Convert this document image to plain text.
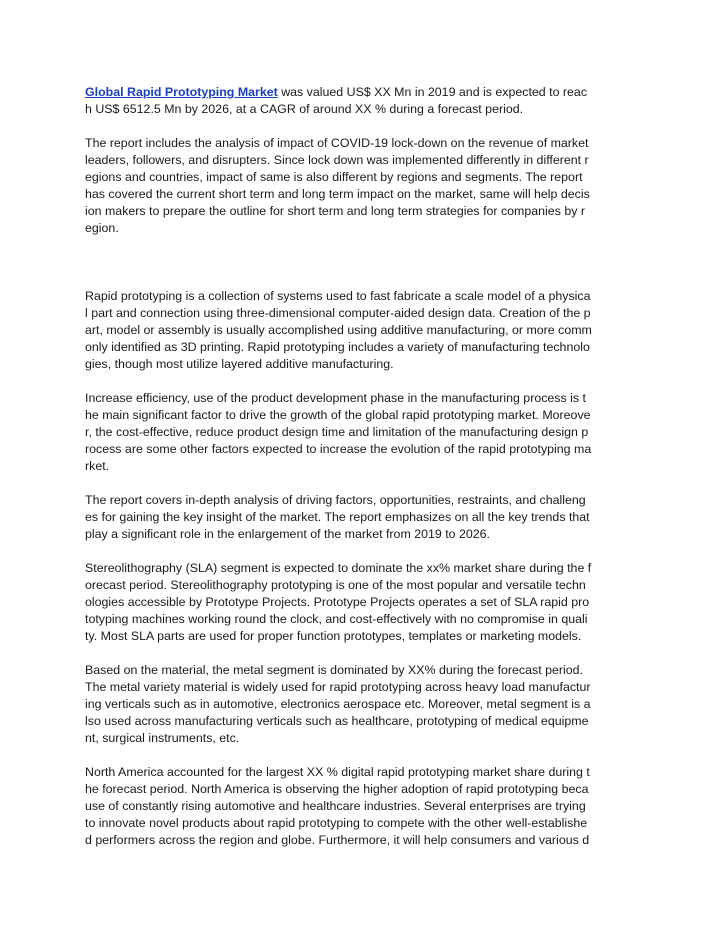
Global Rapid Prototyping Market was valued US$ XX Mn in 2019 and is expected to reac
h US$ 6512.5 Mn by 2026, at a CAGR of around XX % during a forecast period.

The report includes the analysis of impact of COVID-19 lock-down on the revenue of market
leaders, followers, and disrupters. Since lock down was implemented differently in different r
egions and countries, impact of same is also different by regions and segments. The report
has covered the current short term and long term impact on the market, same will help decis
ion makers to prepare the outline for short term and long term strategies for companies by r
egion.

Rapid prototyping is a collection of systems used to fast fabricate a scale model of a physica
l part and connection using three-dimensional computer-aided design data. Creation of the p
art, model or assembly is usually accomplished using additive manufacturing, or more comm
only identified as 3D printing. Rapid prototyping includes a variety of manufacturing technolo
gies, though most utilize layered additive manufacturing.

Increase efficiency, use of the product development phase in the manufacturing process is t
he main significant factor to drive the growth of the global rapid prototyping market. Moreove
r, the cost-effective, reduce product design time and limitation of the manufacturing design p
rocess are some other factors expected to increase the evolution of the rapid prototyping ma
rket.

The report covers in-depth analysis of driving factors, opportunities, restraints, and challeng
es for gaining the key insight of the market. The report emphasizes on all the key trends that
play a significant role in the enlargement of the market from 2019 to 2026.

Stereolithography (SLA) segment is expected to dominate the xx% market share during the f
orecast period. Stereolithography prototyping is one of the most popular and versatile techn
ologies accessible by Prototype Projects. Prototype Projects operates a set of SLA rapid pro
totyping machines working round the clock, and cost-effectively with no compromise in quali
ty. Most SLA parts are used for proper function prototypes, templates or marketing models.

Based on the material, the metal segment is dominated by XX% during the forecast period.
The metal variety material is widely used for rapid prototyping across heavy load manufactur
ing verticals such as in automotive, electronics aerospace etc. Moreover, metal segment is a
lso used across manufacturing verticals such as healthcare, prototyping of medical equipme
nt, surgical instruments, etc.

North America accounted for the largest XX % digital rapid prototyping market share during t
he forecast period. North America is observing the higher adoption of rapid prototyping beca
use of constantly rising automotive and healthcare industries. Several enterprises are trying
to innovate novel products about rapid prototyping to compete with the other well-establishe
d performers across the region and globe. Furthermore, it will help consumers and various d
